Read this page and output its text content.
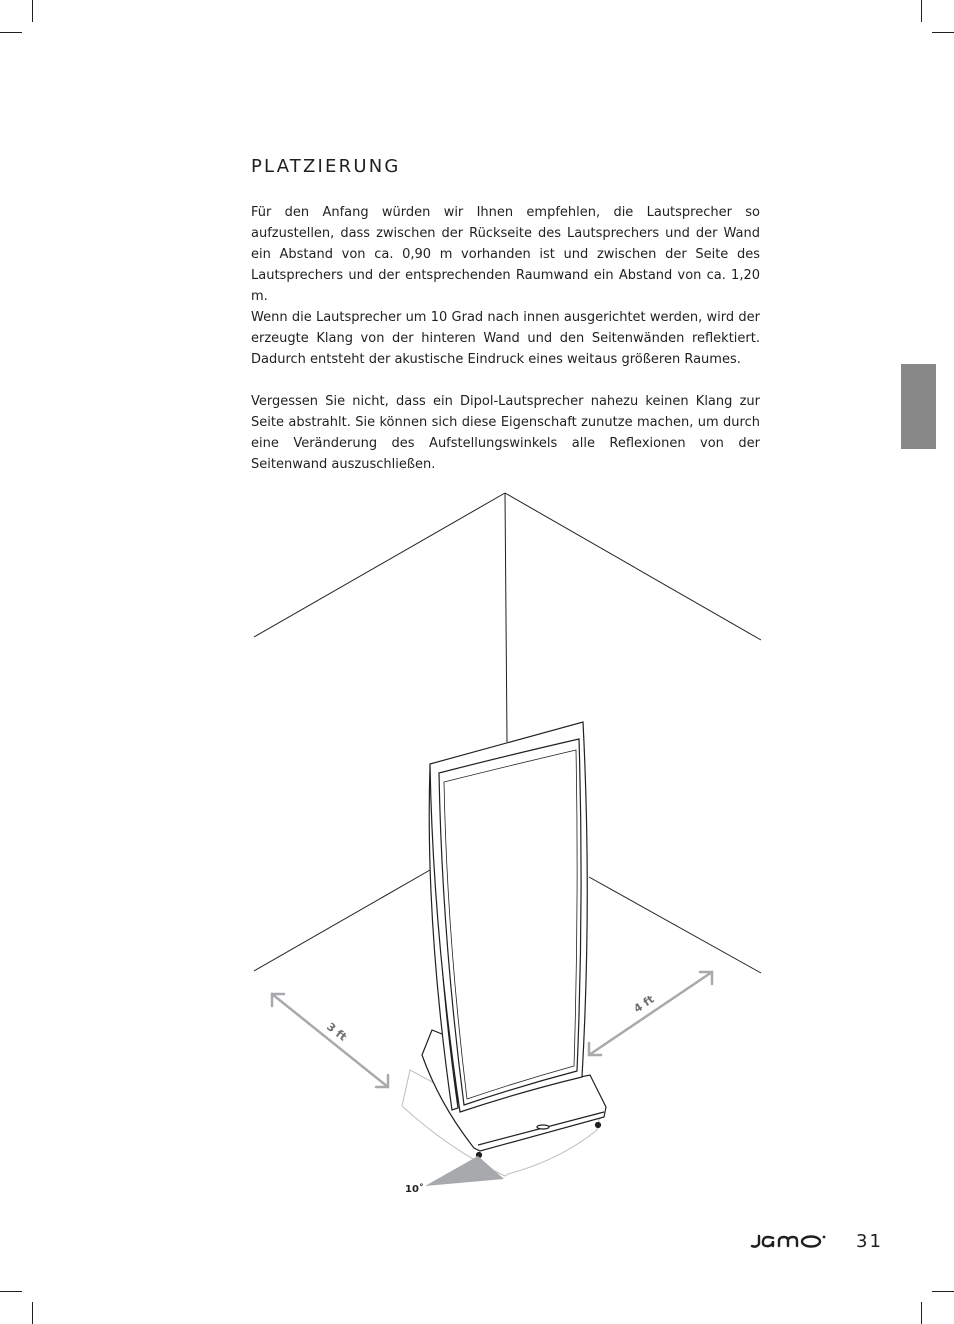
PLATZIERUNG

Für den Anfang würden wir Ihnen empfehlen, die Lautsprecher so aufzustellen, dass zwischen der Rückseite des Lautsprechers und der Wand ein Abstand von ca. 0,90 m vorhanden ist und zwischen der Seite des Lautsprechers und der entsprechenden Raumwand ein Abstand von ca. 1,20 m.

Wenn die Lautsprecher um 10 Grad nach innen ausgerichtet werden, wird der erzeugte Klang von der hinteren Wand und den Seitenwänden reflektiert. Dadurch entsteht der akustische Eindruck eines weitaus größeren Raumes.

Vergessen Sie nicht, dass ein Dipol-Lautsprecher nahezu keinen Klang zur Seite abstrahlt. Sie können sich diese Eigenschaft zunutze machen, um durch eine Veränderung des Aufstellungswinkels alle Reflexionen von der Seitenwand auszuschließen.

3 ft
4 ft
10˚
31
